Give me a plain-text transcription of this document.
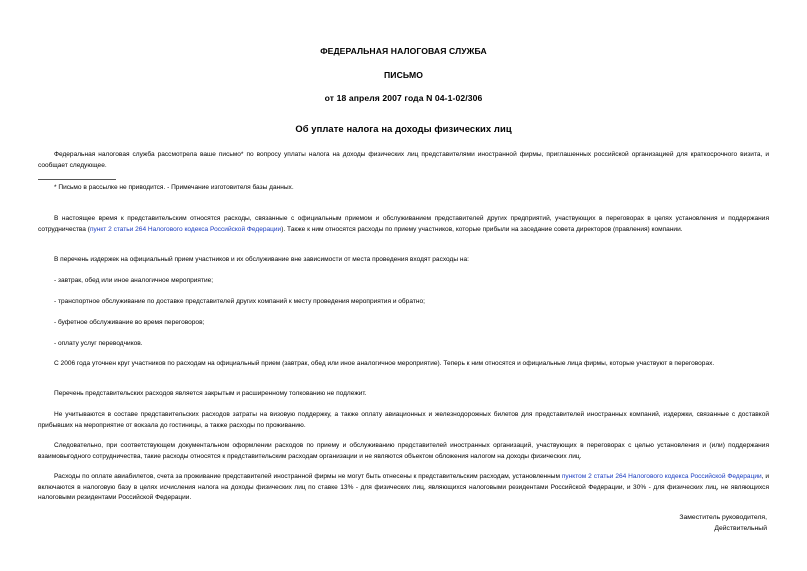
ФЕДЕРАЛЬНАЯ НАЛОГОВАЯ СЛУЖБА
ПИСЬМО
от 18 апреля 2007 года N 04-1-02/306
Об уплате налога на доходы физических лиц

Федеральная налоговая служба рассмотрела ваше письмо* по вопросу уплаты налога на доходы физических лиц представителями иностранной фирмы, приглашенных российской организацией для краткосрочного визита, и сообщает следующее.

* Письмо в рассылке не приводится. - Примечание изготовителя базы данных.

В настоящее время к представительским относятся расходы, связанные с официальным приемом и обслуживанием представителей других предприятий, участвующих в переговорах в целях установления и поддержания сотрудничества (пункт 2 статьи 264 Налогового кодекса Российской Федерации). Также к ним относятся расходы по приему участников, которые прибыли на заседание совета директоров (правления) компании.

В перечень издержек на официальный прием участников и их обслуживание вне зависимости от места проведения входят расходы на:

- завтрак, обед или иное аналогичное мероприятие;

- транспортное обслуживание по доставке представителей других компаний к месту проведения мероприятия и обратно;

- буфетное обслуживание во время переговоров;

- оплату услуг переводчиков.

С 2006 года уточнен круг участников по расходам на официальный прием (завтрак, обед или иное аналогичное мероприятие). Теперь к ним относятся и официальные лица фирмы, которые участвуют в переговорах.

Перечень представительских расходов является закрытым и расширенному толкованию не подлежит.

Не учитываются в составе представительских расходов затраты на визовую поддержку, а также оплату авиационных и железнодорожных билетов для представителей иностранных компаний, издержки, связанные с доставкой прибывших на мероприятие от вокзала до гостиницы, а также расходы по проживанию.

Следовательно, при соответствующем документальном оформлении расходов по приему и обслуживанию представителей иностранных организаций, участвующих в переговорах с целью установления и (или) поддержания взаимовыгодного сотрудничества, такие расходы относятся к представительским расходам организации и не являются объектом обложения налогом на доходы физических лиц.

Расходы по оплате авиабилетов, счета за проживание представителей иностранной фирмы не могут быть отнесены к представительским расходам, установленным пунктом 2 статьи 264 Налогового кодекса Российской Федерации, и включаются в налоговую базу в целях исчисления налога на доходы физических лиц по ставке 13% - для физических лиц, являющихся налоговыми резидентами Российской Федерации, и 30% - для физических лиц, не являющихся налоговыми резидентами Российской Федерации.

Заместитель руководителя,
Действительный
